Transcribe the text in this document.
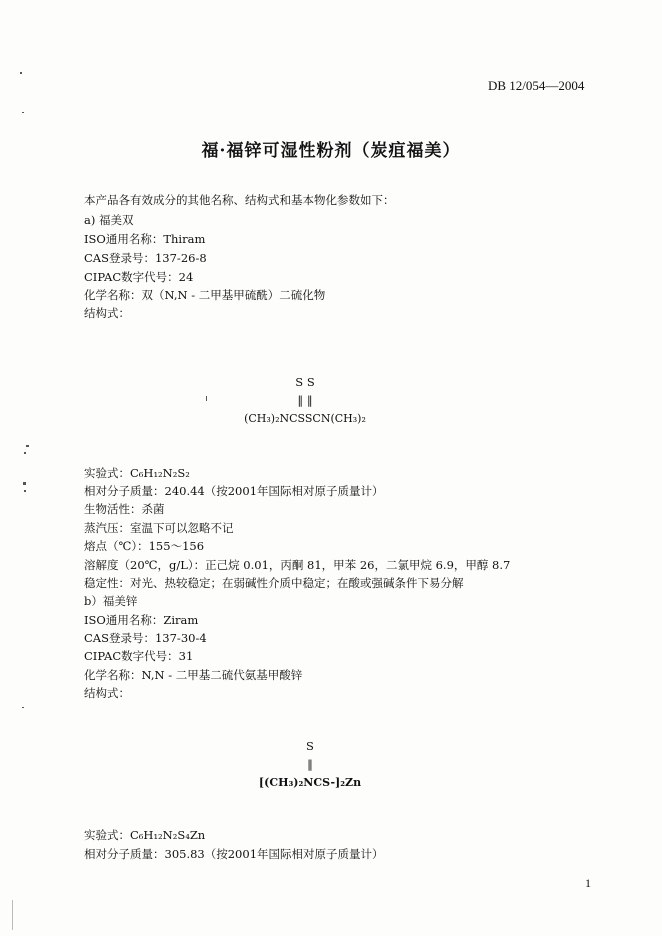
DB 12/054—2004
福·福锌可湿性粉剂（炭疽福美）
本产品各有效成分的其他名称、结构式和基本物化参数如下：
a) 福美双
ISO通用名称：Thiram
CAS登录号：137-26-8
CIPAC数字代号：24
化学名称：双（N,N - 二甲基甲硫酰）二硫化物
结构式：
S S
‖ ‖
(CH₃)₂NCSSCN(CH₃)₂
实验式：C₆H₁₂N₂S₂
相对分子质量：240.44（按2001年国际相对原子质量计）
生物活性：杀菌
蒸汽压：室温下可以忽略不记
熔点（℃）：155～156
溶解度（20℃，g/L）：正己烷 0.01，丙酮 81，甲苯 26，二氯甲烷 6.9，甲醇 8.7
稳定性：对光、热较稳定；在弱碱性介质中稳定；在酸或强碱条件下易分解
b）福美锌
ISO通用名称：Ziram
CAS登录号：137-30-4
CIPAC数字代号：31
化学名称：N,N - 二甲基二硫代氨基甲酸锌
结构式：
S
‖
[(CH₃)₂NCS-]₂Zn
实验式：C₆H₁₂N₂S₄Zn
相对分子质量：305.83（按2001年国际相对原子质量计）
1
